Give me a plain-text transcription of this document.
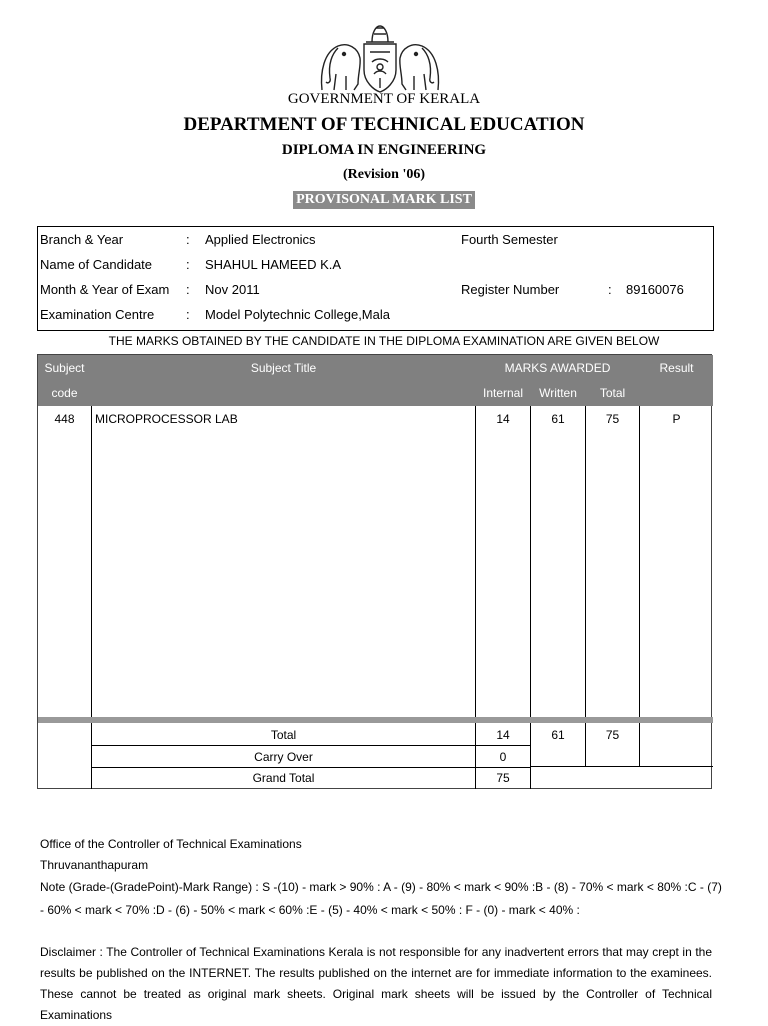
GOVERNMENT OF KERALA
DEPARTMENT OF TECHNICAL EDUCATION
DIPLOMA IN ENGINEERING
(Revision '06)
PROVISONAL MARK LIST
Branch & Year	: Applied Electronics	Fourth Semester
Name of Candidate	: SHAHUL HAMEED K.A
Month & Year of Exam : Nov 2011	Register Number	: 89160076
Examination Centre : Model Polytechnic College,Mala
THE MARKS OBTAINED BY THE CANDIDATE IN THE DIPLOMA EXAMINATION ARE GIVEN BELOW
Subject
code
Subject Title	MARKS AWARDED	Result
Internal	Written	Total
448	MICROPROCESSOR LAB	14	61	75	P
Total	14	61	75
Carry Over	0
Grand Total	75
Office of the Controller of Technical Examinations
Thruvananthapuram
Note (Grade-(GradePoint)-Mark Range) : S -(10) - mark > 90% : A - (9) - 80% < mark < 90% :B - (8) - 70% < mark < 80% :C - (7)
- 60% < mark < 70% :D - (6) - 50% < mark < 60% :E - (5) - 40% < mark < 50% : F - (0) - mark < 40% :
Disclaimer : The Controller of Technical Examinations Kerala is not responsible for any inadvertent errors that may crept in the results be published on the INTERNET. The results published on the internet are for immediate information to the examinees. These cannot be treated as original mark sheets. Original mark sheets will be issued by the Controller of Technical Examinations
